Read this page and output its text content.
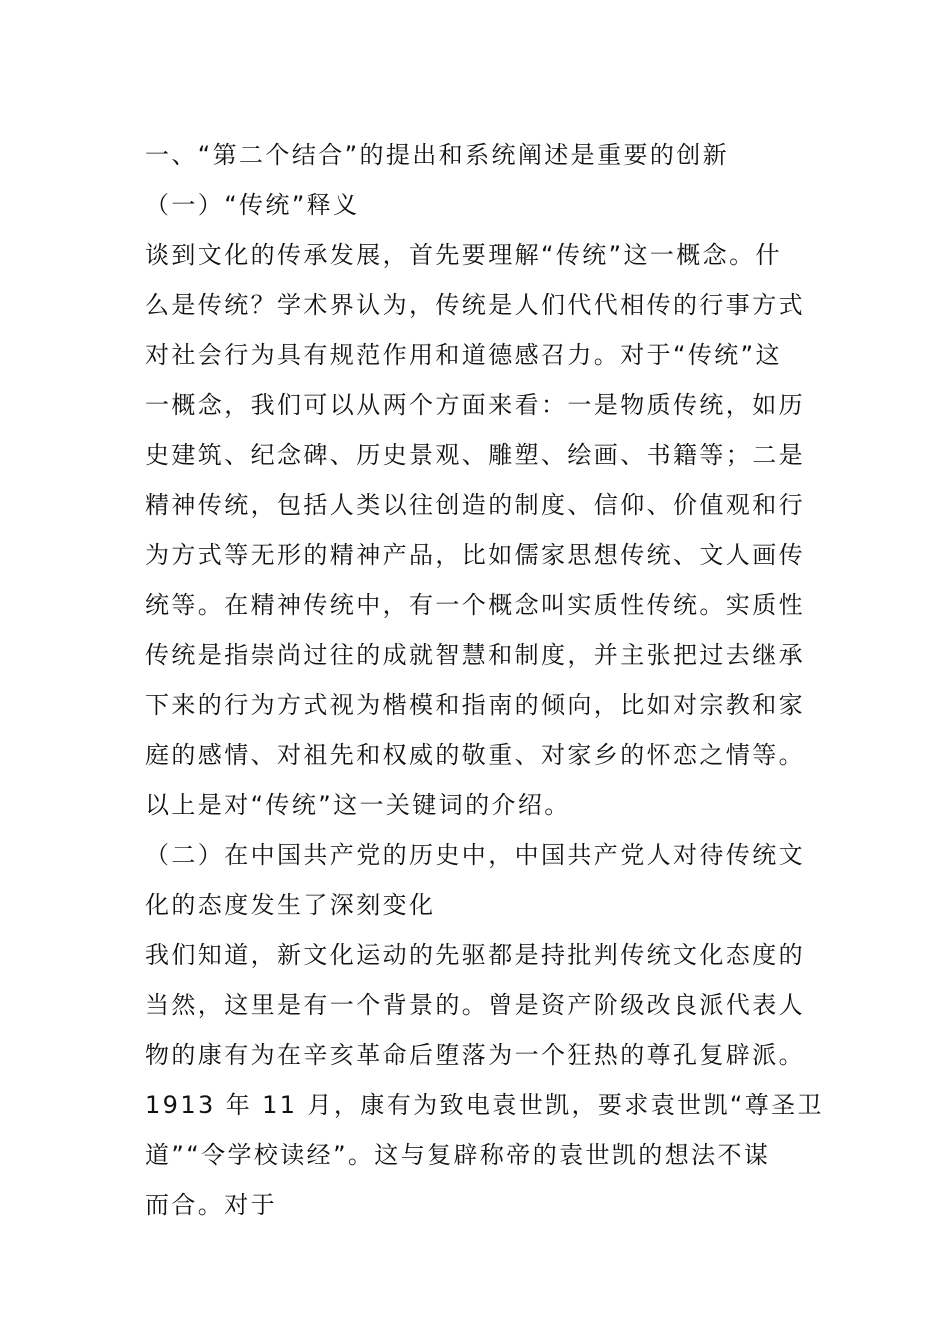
一、“第二个结合”的提出和系统阐述是重要的创新
（一）“传统”释义
谈到文化的传承发展，首先要理解“传统”这一概念。什
么是传统？学术界认为，传统是人们代代相传的行事方式
对社会行为具有规范作用和道德感召力。对于“传统”这
一概念，我们可以从两个方面来看：一是物质传统，如历
史建筑、纪念碑、历史景观、雕塑、绘画、书籍等；二是
精神传统，包括人类以往创造的制度、信仰、价值观和行
为方式等无形的精神产品，比如儒家思想传统、文人画传
统等。在精神传统中，有一个概念叫实质性传统。实质性
传统是指崇尚过往的成就智慧和制度，并主张把过去继承
下来的行为方式视为楷模和指南的倾向，比如对宗教和家
庭的感情、对祖先和权威的敬重、对家乡的怀恋之情等。
以上是对“传统”这一关键词的介绍。
（二）在中国共产党的历史中，中国共产党人对待传统文
化的态度发生了深刻变化
我们知道，新文化运动的先驱都是持批判传统文化态度的
当然，这里是有一个背景的。曾是资产阶级改良派代表人
物的康有为在辛亥革命后堕落为一个狂热的尊孔复辟派。
1913 年 11 月，康有为致电袁世凯，要求袁世凯“尊圣卫
道”“令学校读经”。这与复辟称帝的袁世凯的想法不谋
而合。对于
